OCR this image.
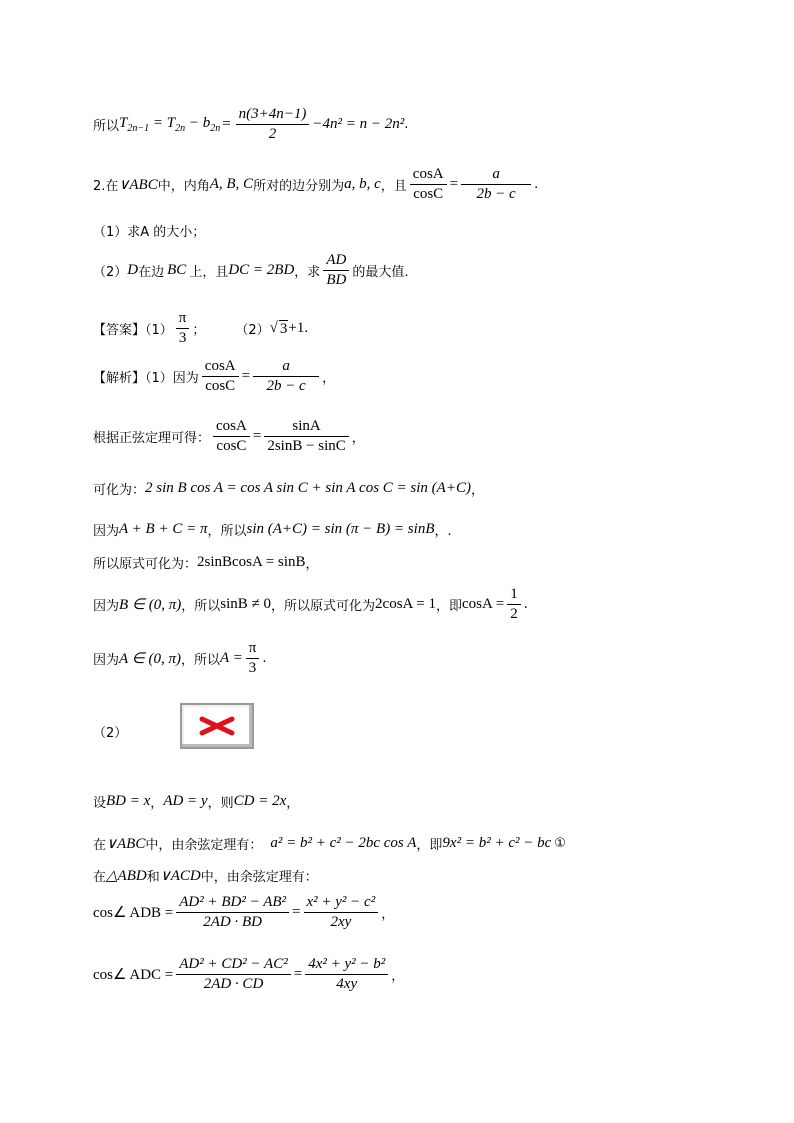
所以 $T_{2n-1} = T_{2n} - b_{2n} = \frac{n(3+4n-1)}{2} -4n^2 = n - 2n^2$ .
2.在 ∨ABC 中，内角 A, B, C 所对的边分别为 a, b, c ，且 $\frac{\cos A}{\cos C} = \frac{a}{2b - c}$ .
（1）求A 的大小；
（2） D 在边 BC 上，且 DC = 2BD ，求 $\frac{AD}{BD}$ 的最大值.
【答案】$(1) \frac{\pi}{3}$ ； （2） √ 3 +1.
【解析】（1）因为 $\frac{\cos A}{\cos C} = \frac{a}{2b - c}$ ，
根据正弦定理可得： $\frac{\cos A}{\cos C} = \frac{\sin A}{2\sin B - \sin C}$ ，
可化为： 2 sin B cos A = cos A sin C + sin A cos C = sin (A+C) ，
因为 A + B + C = π ，所以 sin (A+C) = sin (π − B) = sinB ，.
所以原式可化为： 2sinBcosA = sinB ，
因为 B ∈ (0, π) ，所以 sinB ≠ 0 ，所以原式可化为 2cosA = 1 ，即 $\cos A = \frac{1}{2}$ .
因为 A ∈ (0, π) ，所以 $A = \frac{\pi}{3}$ .
（2）
设 BD = x ， AD = y ，则 CD = 2x ，
在 ∨ABC 中，由余弦定理有： a² = b² + c² − 2bc cos A ，即 9x² = b² + c² − bc ①
在 △ABD 和 ∨ACD 中，由余弦定理有：
cos∠ ADB = $\frac{\text{AD² + BD² − AB²}}{2AD \cdot BD} = \frac{\text{x² + y² − c²}}{2xy}$ ，
cos∠ ADC = $\frac{\text{AD² + CD² − AC²}}{2AD \cdot CD} = \frac{\text{4x² + y² − b²}}{4xy}$ ，
